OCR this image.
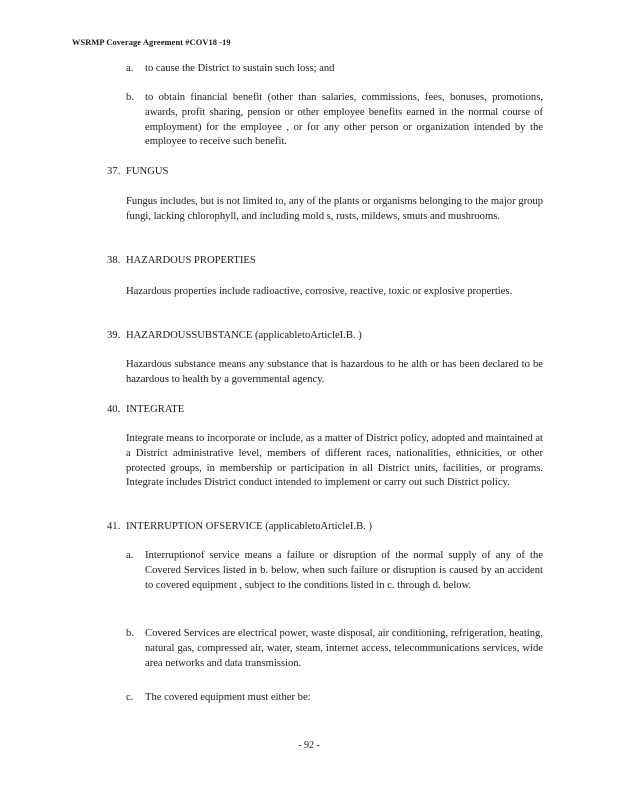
WSRMP Coverage Agreement #COV18 -19
a. to cause the District to sustain such loss; and
b. to obtain financial benefit (other than salaries, commissions, fees, bonuses, promotions, awards, profit sharing, pension or other employee benefits earned in the normal course of employment) for the employee , or for any other person or organization intended by the employee to receive such benefit.
37. FUNGUS
Fungus includes, but is not limited to, any of the plants or organisms belonging to the major group fungi, lacking chlorophyll, and including mold s, rusts, mildews, smuts and mushrooms.
38. HAZARDOUS PROPERTIES
Hazardous properties include radioactive, corrosive, reactive, toxic or explosive properties.
39. HAZARDOUSSUBSTANCE (applicabletoArticleI.B. )
Hazardous substance means any substance that is hazardous to he alth or has been declared to be hazardous to health by a governmental agency.
40. INTEGRATE
Integrate means to incorporate or include, as a matter of District policy, adopted and maintained at a District administrative level, members of different races, nationalities, ethnicities, or other protected groups, in membership or participation in all District units, facilities, or programs. Integrate includes District conduct intended to implement or carry out such District policy.
41. INTERRUPTION OFSERVICE (applicabletoArticleI.B. )
a. Interruptionof service means a failure or disruption of the normal supply of any of the Covered Services listed in b. below, when such failure or disruption is caused by an accident to covered equipment , subject to the conditions listed in c. through d. below.
b. Covered Services are electrical power, waste disposal, air conditioning, refrigeration, heating, natural gas, compressed air, water, steam, internet access, telecommunications services, wide area networks and data transmission.
c. The covered equipment must either be:
- 92 -
